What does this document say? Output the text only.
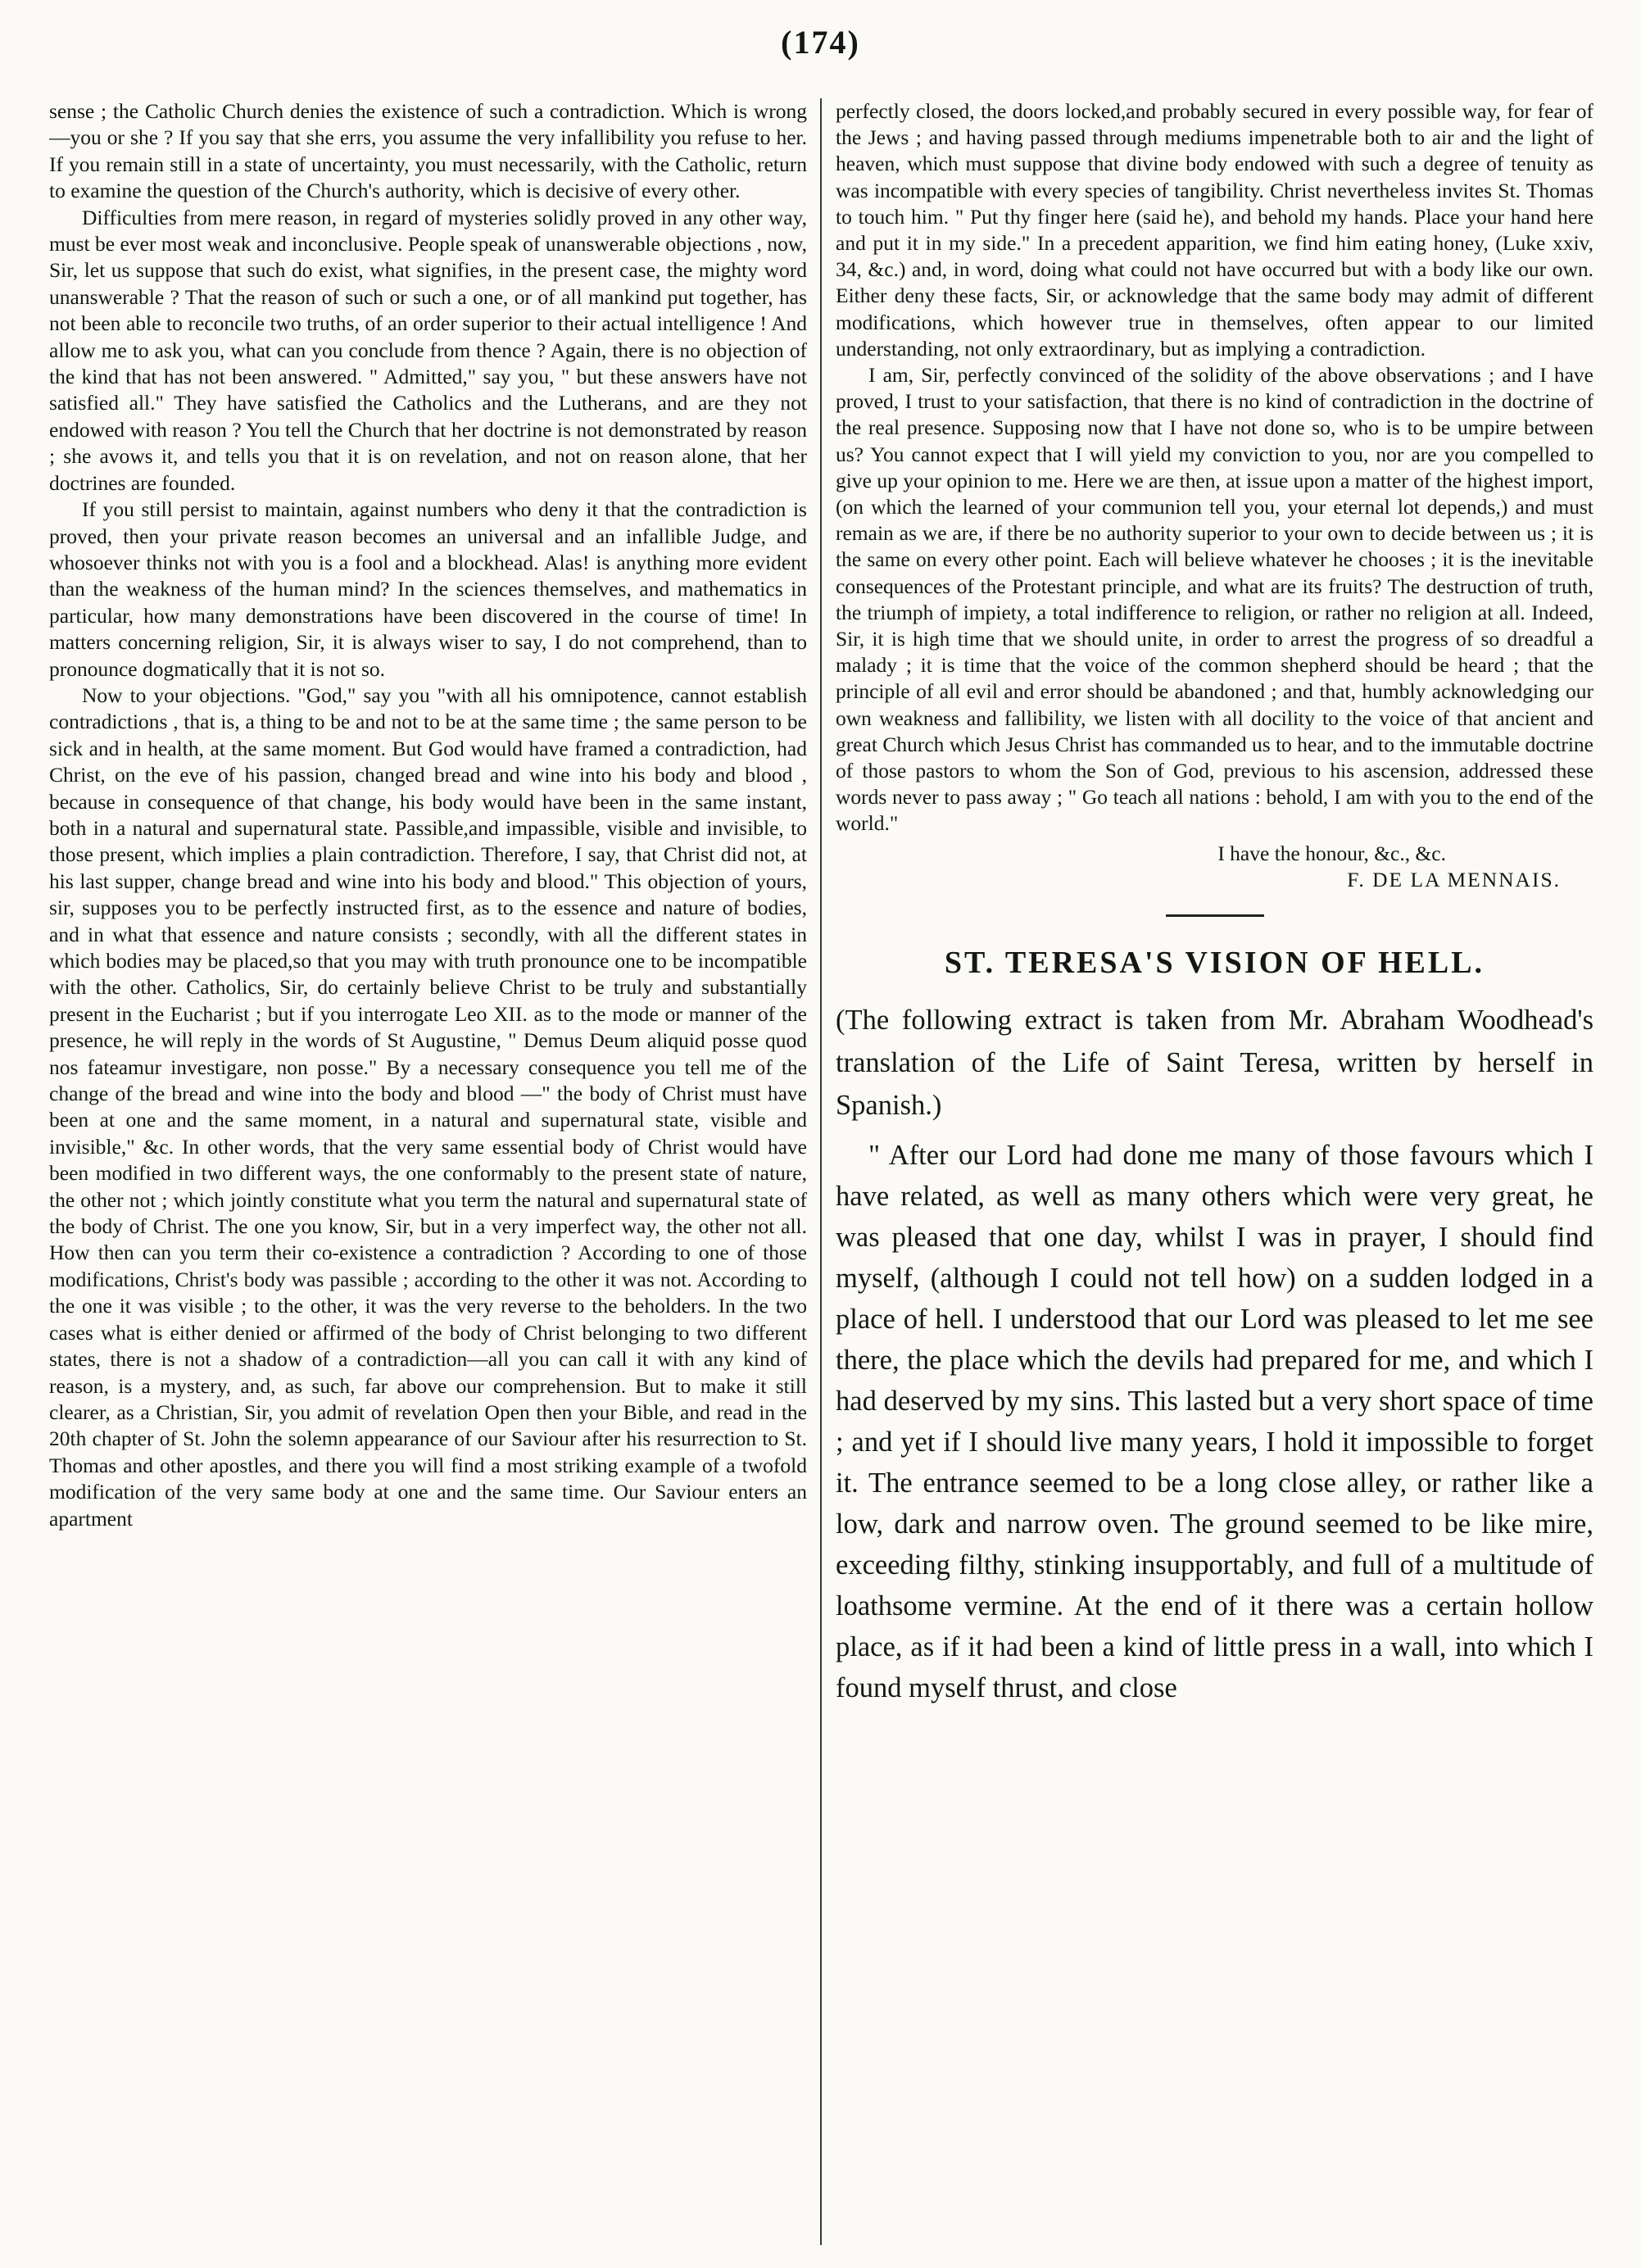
(174)

sense ; the Catholic Church denies the existence of such a contradiction. Which is wrong—you or she ? If you say that she errs, you assume the very infallibility you refuse to her. If you remain still in a state of uncertainty, you must necessarily, with the Catholic, return to examine the question of the Church's authority, which is decisive of every other.

Difficulties from mere reason, in regard of mysteries solidly proved in any other way, must be ever most weak and inconclusive. People speak of unanswerable objections , now, Sir, let us suppose that such do exist, what signifies, in the present case, the mighty word unanswerable ? That the reason of such or such a one, or of all mankind put together, has not been able to reconcile two truths, of an order superior to their actual intelligence ! And allow me to ask you, what can you conclude from thence ? Again, there is no objection of the kind that has not been answered. " Admitted," say you, " but these answers have not satisfied all." They have satisfied the Catholics and the Lutherans, and are they not endowed with reason ? You tell the Church that her doctrine is not demonstrated by reason ; she avows it, and tells you that it is on revelation, and not on reason alone, that her doctrines are founded.

If you still persist to maintain, against numbers who deny it that the contradiction is proved, then your private reason becomes an universal and an infallible Judge, and whosoever thinks not with you is a fool and a blockhead. Alas! is anything more evident than the weakness of the human mind? In the sciences themselves, and mathematics in particular, how many demonstrations have been discovered in the course of time! In matters concerning religion, Sir, it is always wiser to say, I do not comprehend, than to pronounce dogmatically that it is not so.

Now to your objections. "God," say you "with all his omnipotence, cannot establish contradictions , that is, a thing to be and not to be at the same time ; the same person to be sick and in health, at the same moment. But God would have framed a contradiction, had Christ, on the eve of his passion, changed bread and wine into his body and blood , because in consequence of that change, his body would have been in the same instant, both in a natural and supernatural state. Passible,and impassible, visible and invisible, to those present, which implies a plain contradiction. Therefore, I say, that Christ did not, at his last supper, change bread and wine into his body and blood." This objection of yours, sir, supposes you to be perfectly instructed first, as to the essence and nature of bodies, and in what that essence and nature consists ; secondly, with all the different states in which bodies may be placed,so that you may with truth pronounce one to be incompatible with the other. Catholics, Sir, do certainly believe Christ to be truly and substantially present in the Eucharist ; but if you interrogate Leo XII. as to the mode or manner of the presence, he will reply in the words of St Augustine, " Demus Deum aliquid posse quod nos fateamur investigare, non posse." By a necessary consequence you tell me of the change of the bread and wine into the body and blood —" the body of Christ must have been at one and the same moment, in a natural and supernatural state, visible and invisible," &c. In other words, that the very same essential body of Christ would have been modified in two different ways, the one conformably to the present state of nature, the other not ; which jointly constitute what you term the natural and supernatural state of the body of Christ. The one you know, Sir, but in a very imperfect way, the other not all. How then can you term their co-existence a contradiction ? According to one of those modifications, Christ's body was passible ; according to the other it was not. According to the one it was visible ; to the other, it was the very reverse to the beholders. In the two cases what is either denied or affirmed of the body of Christ belonging to two different states, there is not a shadow of a contradiction—all you can call it with any kind of reason, is a mystery, and, as such, far above our comprehension. But to make it still clearer, as a Christian, Sir, you admit of revelation Open then your Bible, and read in the 20th chapter of St. John the solemn appearance of our Saviour after his resurrection to St. Thomas and other apostles, and there you will find a most striking example of a twofold modification of the very same body at one and the same time. Our Saviour enters an apartment

perfectly closed, the doors locked,and probably secured in every possible way, for fear of the Jews ; and having passed through mediums impenetrable both to air and the light of heaven, which must suppose that divine body endowed with such a degree of tenuity as was incompatible with every species of tangibility. Christ nevertheless invites St. Thomas to touch him. " Put thy finger here (said he), and behold my hands. Place your hand here and put it in my side." In a precedent apparition, we find him eating honey, (Luke xxiv, 34, &c.) and, in word, doing what could not have occurred but with a body like our own. Either deny these facts, Sir, or acknowledge that the same body may admit of different modifications, which however true in themselves, often appear to our limited understanding, not only extraordinary, but as implying a contradiction.

I am, Sir, perfectly convinced of the solidity of the above observations ; and I have proved, I trust to your satisfaction, that there is no kind of contradiction in the doctrine of the real presence. Supposing now that I have not done so, who is to be umpire between us? You cannot expect that I will yield my conviction to you, nor are you compelled to give up your opinion to me. Here we are then, at issue upon a matter of the highest import, (on which the learned of your communion tell you, your eternal lot depends,) and must remain as we are, if there be no authority superior to your own to decide between us ; it is the same on every other point. Each will believe whatever he chooses ; it is the inevitable consequences of the Protestant principle, and what are its fruits? The destruction of truth, the triumph of impiety, a total indifference to religion, or rather no religion at all. Indeed, Sir, it is high time that we should unite, in order to arrest the progress of so dreadful a malady ; it is time that the voice of the common shepherd should be heard ; that the principle of all evil and error should be abandoned ; and that, humbly acknowledging our own weakness and fallibility, we listen with all docility to the voice of that ancient and great Church which Jesus Christ has commanded us to hear, and to the immutable doctrine of those pastors to whom the Son of God, previous to his ascension, addressed these words never to pass away ; " Go teach all nations : behold, I am with you to the end of the world."

I have the honour, &c., &c.
F. DE LA MENNAIS.
ST. TERESA'S VISION OF HELL.

(The following extract is taken from Mr. Abraham Woodhead's translation of the Life of Saint Teresa, written by herself in Spanish.)

" After our Lord had done me many of those favours which I have related, as well as many others which were very great, he was pleased that one day, whilst I was in prayer, I should find myself, (although I could not tell how) on a sudden lodged in a place of hell. I understood that our Lord was pleased to let me see there, the place which the devils had prepared for me, and which I had deserved by my sins. This lasted but a very short space of time ; and yet if I should live many years, I hold it impossible to forget it. The entrance seemed to be a long close alley, or rather like a low, dark and narrow oven. The ground seemed to be like mire, exceeding filthy, stinking insupportably, and full of a multitude of loathsome vermine. At the end of it there was a certain hollow place, as if it had been a kind of little press in a wall, into which I found myself thrust, and close
